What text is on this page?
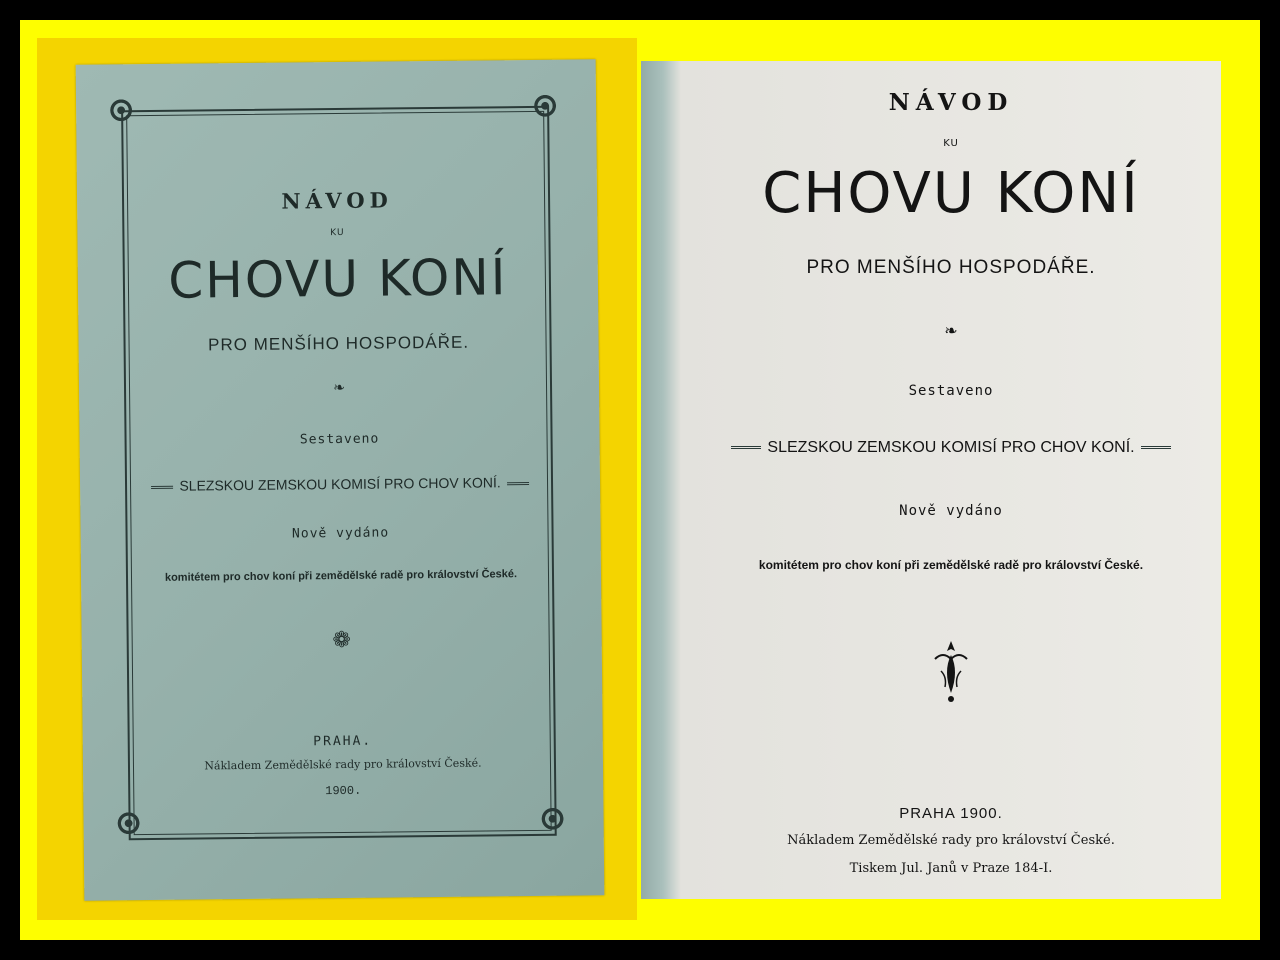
NÁVOD
KU
CHOVU KONÍ
PRO MENŠÍHO HOSPODÁŘE.
❧
Sestaveno
SLEZSKOU ZEMSKOU KOMISÍ PRO CHOV KONÍ.
Nově vydáno
komitétem pro chov koní při zemědělské radě pro království České.
❁
PRAHA.
Nákladem Zemědělské rady pro království České.
1900.
NÁVOD
KU
CHOVU KONÍ
PRO MENŠÍHO HOSPODÁŘE.
❧
Sestaveno
SLEZSKOU ZEMSKOU KOMISÍ PRO CHOV KONÍ.
Nově vydáno
komitétem pro chov koní při zemědělské radě pro království České.
PRAHA 1900.
Nákladem Zemědělské rady pro království České.
Tiskem Jul. Janů v Praze 184-I.
